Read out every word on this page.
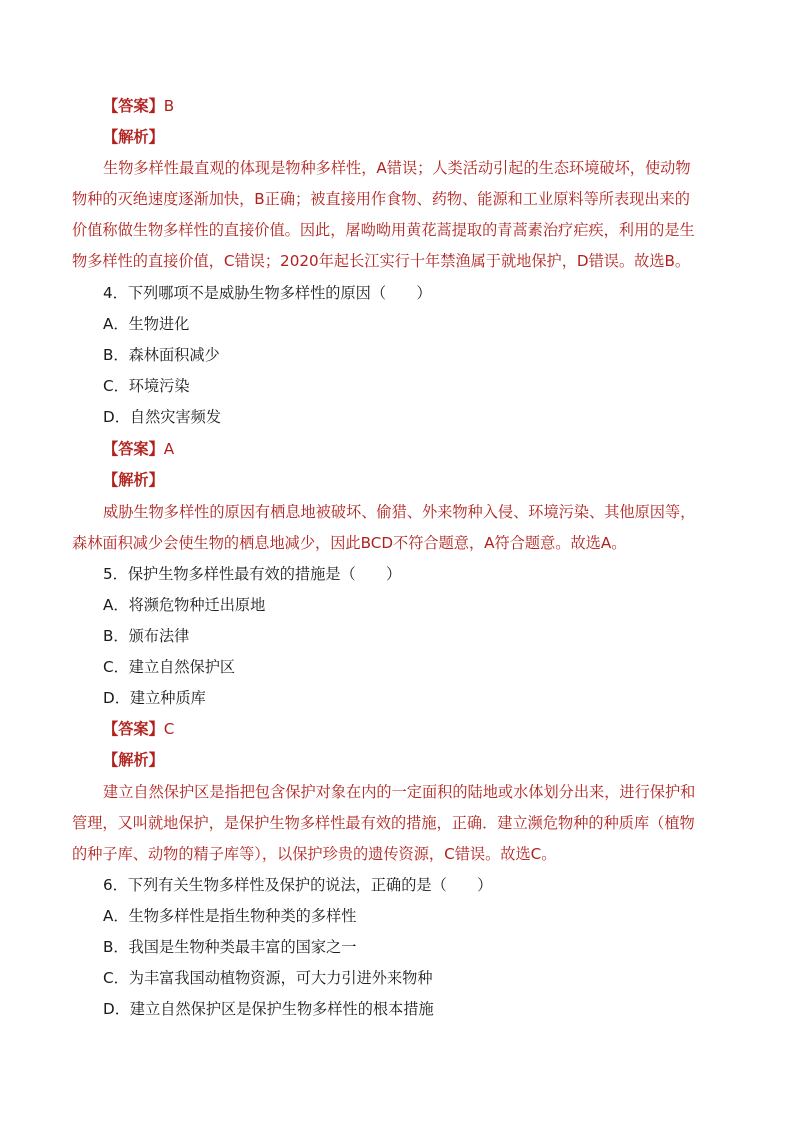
【答案】B
【解析】
生物多样性最直观的体现是物种多样性，A错误；人类活动引起的生态环境破坏，使动物
物种的灭绝速度逐渐加快，B正确；被直接用作食物、药物、能源和工业原料等所表现出来的
价值称做生物多样性的直接价值。因此，屠呦呦用黄花蒿提取的青蒿素治疗疟疾，利用的是生
物多样性的直接价值，C错误；2020年起长江实行十年禁渔属于就地保护，D错误。故选B。
4．下列哪项不是威胁生物多样性的原因（　　）
A．生物进化
B．森林面积减少
C．环境污染
D．自然灾害频发
【答案】A
【解析】
威胁生物多样性的原因有栖息地被破坏、偷猎、外来物种入侵、环境污染、其他原因等，
森林面积减少会使生物的栖息地减少，因此BCD不符合题意，A符合题意。故选A。
5．保护生物多样性最有效的措施是（　　）
A．将濒危物种迁出原地
B．颁布法律
C．建立自然保护区
D．建立种质库
【答案】C
【解析】
建立自然保护区是指把包含保护对象在内的一定面积的陆地或水体划分出来，进行保护和
管理，又叫就地保护，是保护生物多样性最有效的措施，正确．建立濒危物种的种质库（植物
的种子库、动物的精子库等），以保护珍贵的遗传资源，C错误。故选C。
6．下列有关生物多样性及保护的说法，正确的是（　　）
A．生物多样性是指生物种类的多样性
B．我国是生物种类最丰富的国家之一
C．为丰富我国动植物资源，可大力引进外来物种
D．建立自然保护区是保护生物多样性的根本措施
